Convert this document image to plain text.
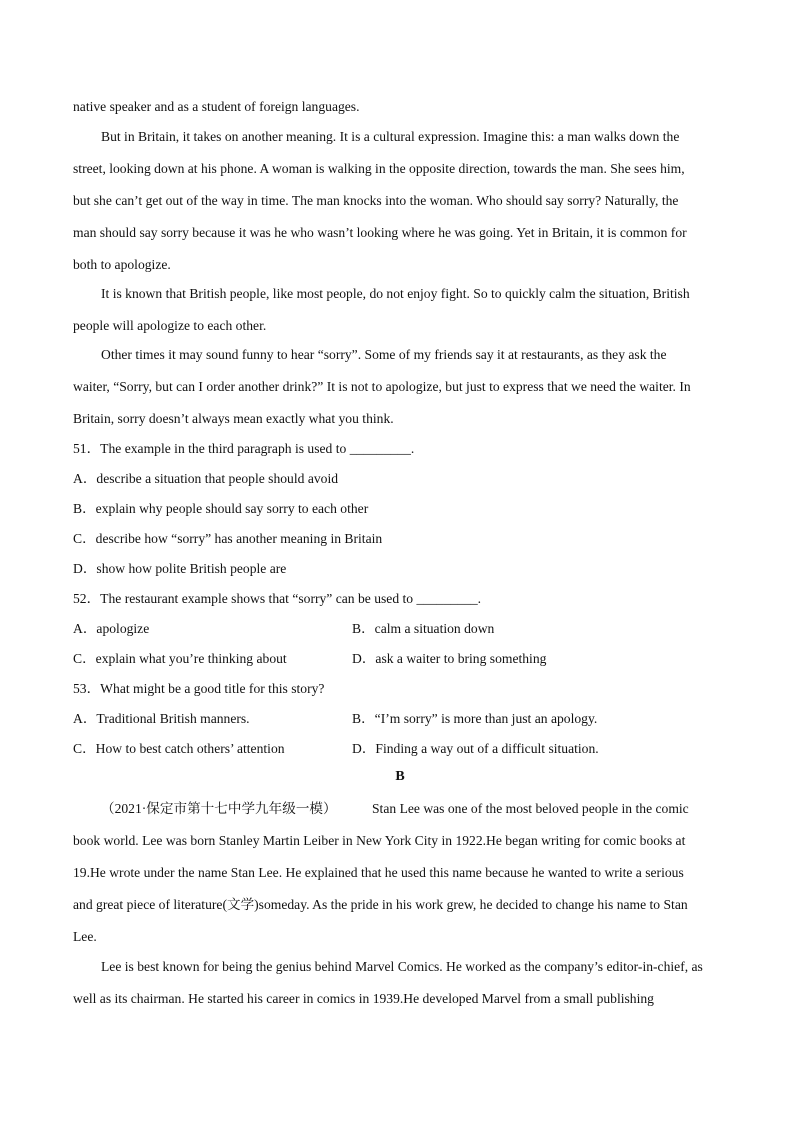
native speaker and as a student of foreign languages.
But in Britain, it takes on another meaning. It is a cultural expression. Imagine this: a man walks down the
street, looking down at his phone. A woman is walking in the opposite direction, towards the man. She sees him,
but she can’t get out of the way in time. The man knocks into the woman. Who should say sorry? Naturally, the
man should say sorry because it was he who wasn’t looking where he was going. Yet in Britain, it is common for
both to apologize.
It is known that British people, like most people, do not enjoy fight. So to quickly calm the situation, British
people will apologize to each other.
Other times it may sound funny to hear “sorry”. Some of my friends say it at restaurants, as they ask the
waiter, “Sorry, but can I order another drink?” It is not to apologize, but just to express that we need the waiter. In
Britain, sorry doesn’t always mean exactly what you think.
51．The example in the third paragraph is used to _________.
A．describe a situation that people should avoid
B．explain why people should say sorry to each other
C．describe how “sorry” has another meaning in Britain
D．show how polite British people are
52．The restaurant example shows that “sorry” can be used to _________.
A．apologize	B．calm a situation down
C．explain what you’re thinking about	D．ask a waiter to bring something
53．What might be a good title for this story?
A．Traditional British manners.	B．“I’m sorry” is more than just an apology.
C．How to best catch others’ attention	D．Finding a way out of a difficult situation.
B
（2021·保定市第十七中学九年级一模）	Stan Lee was one of the most beloved people in the comic
book world. Lee was born Stanley Martin Leiber in New York City in 1922.He began writing for comic books at
19.He wrote under the name Stan Lee. He explained that he used this name because he wanted to write a serious
and great piece of literature(文学)someday. As the pride in his work grew, he decided to change his name to Stan
Lee.
Lee is best known for being the genius behind Marvel Comics. He worked as the company’s editor-in-chief, as
well as its chairman. He started his career in comics in 1939.He developed Marvel from a small publishing
